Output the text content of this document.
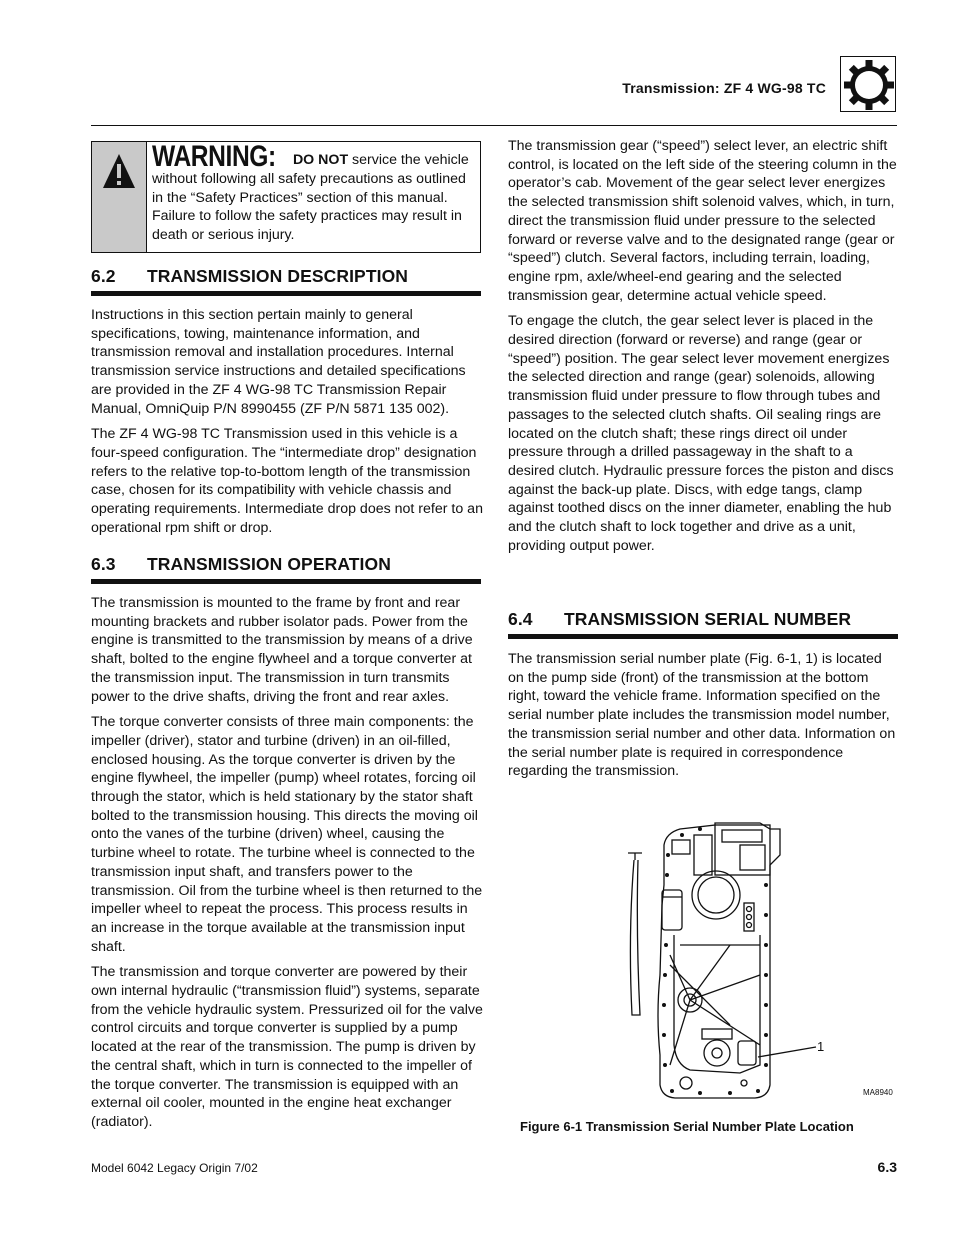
Transmission: ZF 4 WG-98 TC
WARNING: DO NOT service the vehicle without following all safety precautions as outlined in the “Safety Practices” section of this manual. Failure to follow the safety practices may result in death or serious injury.
6.2 TRANSMISSION DESCRIPTION

Instructions in this section pertain mainly to general specifications, towing, maintenance information, and transmission removal and installation procedures. Internal transmission service instructions and detailed specifications are provided in the ZF 4 WG-98 TC Transmission Repair Manual, OmniQuip P/N 8990455 (ZF P/N 5871 135 002).

The ZF 4 WG-98 TC Transmission used in this vehicle is a four-speed configuration. The “intermediate drop” designation refers to the relative top-to-bottom length of the transmission case, chosen for its compatibility with vehicle chassis and operating requirements. Intermediate drop does not refer to an operational rpm shift or drop.

6.3 TRANSMISSION OPERATION

The transmission is mounted to the frame by front and rear mounting brackets and rubber isolator pads. Power from the engine is transmitted to the transmission by means of a drive shaft, bolted to the engine flywheel and a torque converter at the transmission input. The transmission in turn transmits power to the drive shafts, driving the front and rear axles.

The torque converter consists of three main components: the impeller (driver), stator and turbine (driven) in an oil-filled, enclosed housing. As the torque converter is driven by the engine flywheel, the impeller (pump) wheel rotates, forcing oil through the stator, which is held stationary by the stator shaft bolted to the transmission housing. This directs the moving oil onto the vanes of the turbine (driven) wheel, causing the turbine wheel to rotate. The turbine wheel is connected to the transmission input shaft, and transfers power to the transmission. Oil from the turbine wheel is then returned to the impeller wheel to repeat the process. This process results in an increase in the torque available at the transmission input shaft.

The transmission and torque converter are powered by their own internal hydraulic (“transmission fluid”) systems, separate from the vehicle hydraulic system. Pressurized oil for the valve control circuits and torque converter is supplied by a pump located at the rear of the transmission. The pump is driven by the central shaft, which in turn is connected to the impeller of the torque converter. The transmission is equipped with an external oil cooler, mounted in the engine heat exchanger (radiator).

The transmission gear (“speed”) select lever, an electric shift control, is located on the left side of the steering column in the operator’s cab. Movement of the gear select lever energizes the selected transmission shift solenoid valves, which, in turn, direct the transmission fluid under pressure to the selected forward or reverse valve and to the designated range (gear or “speed”) clutch. Several factors, including terrain, loading, engine rpm, axle/wheel-end gearing and the selected transmission gear, determine actual vehicle speed.

To engage the clutch, the gear select lever is placed in the desired direction (forward or reverse) and range (gear or “speed”) position. The gear select lever movement energizes the selected direction and range (gear) solenoids, allowing transmission fluid under pressure to flow through tubes and passages to the selected clutch shafts. Oil sealing rings are located on the clutch shaft; these rings direct oil under pressure through a drilled passageway in the shaft to a desired clutch. Hydraulic pressure forces the piston and discs against the back-up plate. Discs, with edge tangs, clamp against toothed discs on the inner diameter, enabling the hub and the clutch shaft to lock together and drive as a unit, providing output power.

6.4 TRANSMISSION SERIAL NUMBER

The transmission serial number plate (Fig. 6-1, 1) is located on the pump side (front) of the transmission at the bottom right, toward the vehicle frame. Information specified on the serial number plate includes the transmission model number, the transmission serial number and other data. Information on the serial number plate is required in correspondence regarding the transmission.

1
MA8940
Figure 6-1 Transmission Serial Number Plate Location
Model 6042 Legacy Origin 7/02	6.3
